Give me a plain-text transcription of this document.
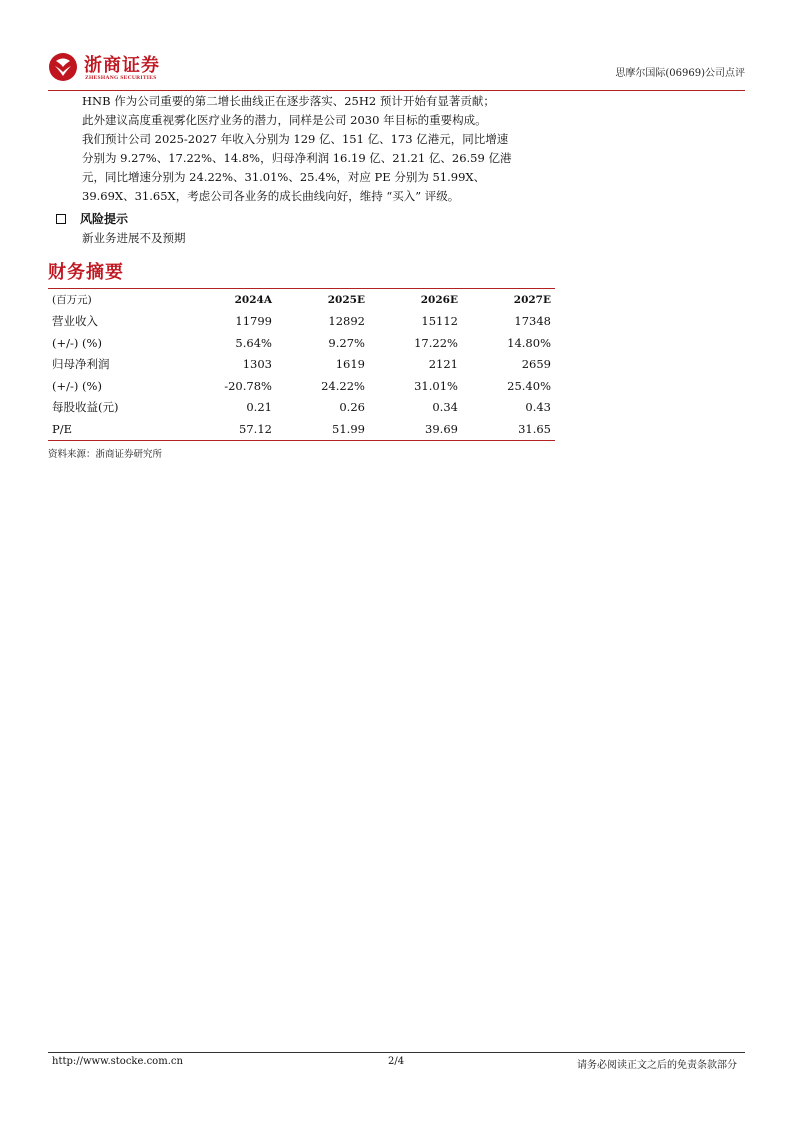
浙商证券
ZHESHANG SECURITIES	思摩尔国际(06969)公司点评

HNB 作为公司重要的第二增长曲线正在逐步落实、25H2 预计开始有显著贡献；

此外建议高度重视雾化医疗业务的潜力，同样是公司 2030 年目标的重要构成。

我们预计公司 2025-2027 年收入分别为 129 亿、151 亿、173 亿港元，同比增速

分别为 9.27%、17.22%、14.8%，归母净利润 16.19 亿、21.21 亿、26.59 亿港

元，同比增速分别为 24.22%、31.01%、25.4%，对应 PE 分别为 51.99X、

39.69X、31.65X，考虑公司各业务的成长曲线向好，维持 “买入” 评级。

风险提示
新业务进展不及预期
财务摘要
(百万元)	2024A	2025E	2026E	2027E
营业收入	11799	12892	15112	17348
(+/-) (%)	5.64%	9.27%	17.22%	14.80%
归母净利润	1303	1619	2121	2659
(+/-) (%)	-20.78%	24.22%	31.01%	25.40%
每股收益(元)	0.21	0.26	0.34	0.43
P/E	57.12	51.99	39.69	31.65
资料来源：浙商证券研究所
http://www.stocke.com.cn	2/4	请务必阅读正文之后的免责条款部分
